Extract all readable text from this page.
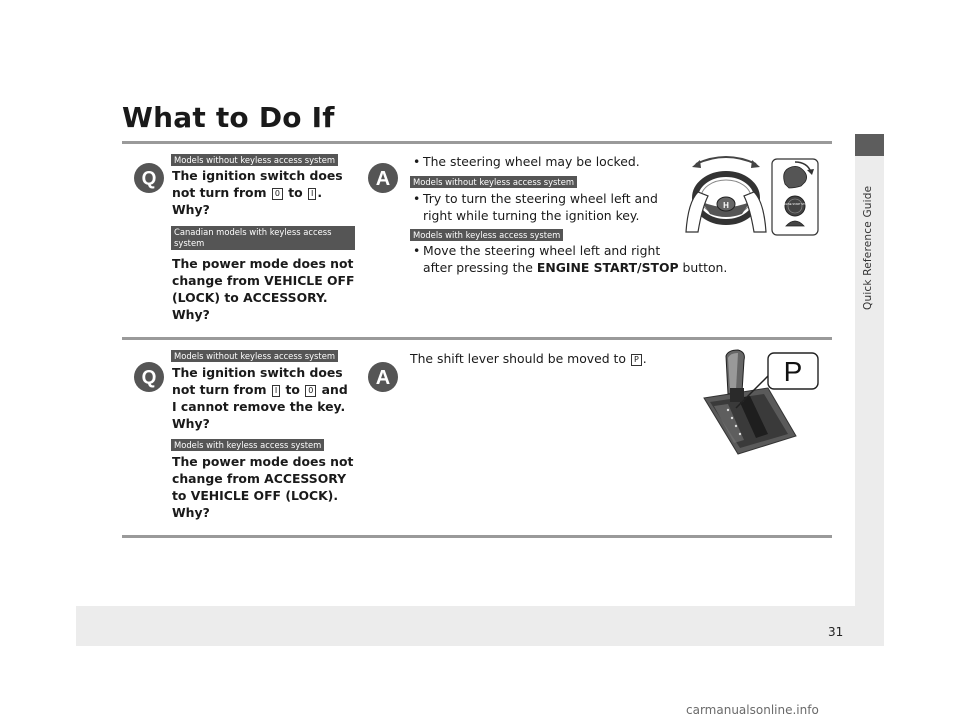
Quick Reference Guide
What to Do If
Q
Models without keyless access system
The ignition switch does
not turn from 0 to I .
Why?
Canadian models with keyless access system
The power mode does not
change from VEHICLE OFF
(LOCK) to ACCESSORY.
Why?
A
• The steering wheel may be locked.
Models without keyless access system
• Try to turn the steering wheel left and
right while turning the ignition key.
Models with keyless access system
• Move the steering wheel left and right
after pressing the ENGINE START/STOP button.
H	ENGINE START STOP
Q
Models without keyless access system
The ignition switch does
not turn from I to 0 and
I cannot remove the key.
Why?
Models with keyless access system
The power mode does not
change from ACCESSORY
to VEHICLE OFF (LOCK).
Why?
A
The shift lever should be moved to P .	P
31
carmanualsonline.info
